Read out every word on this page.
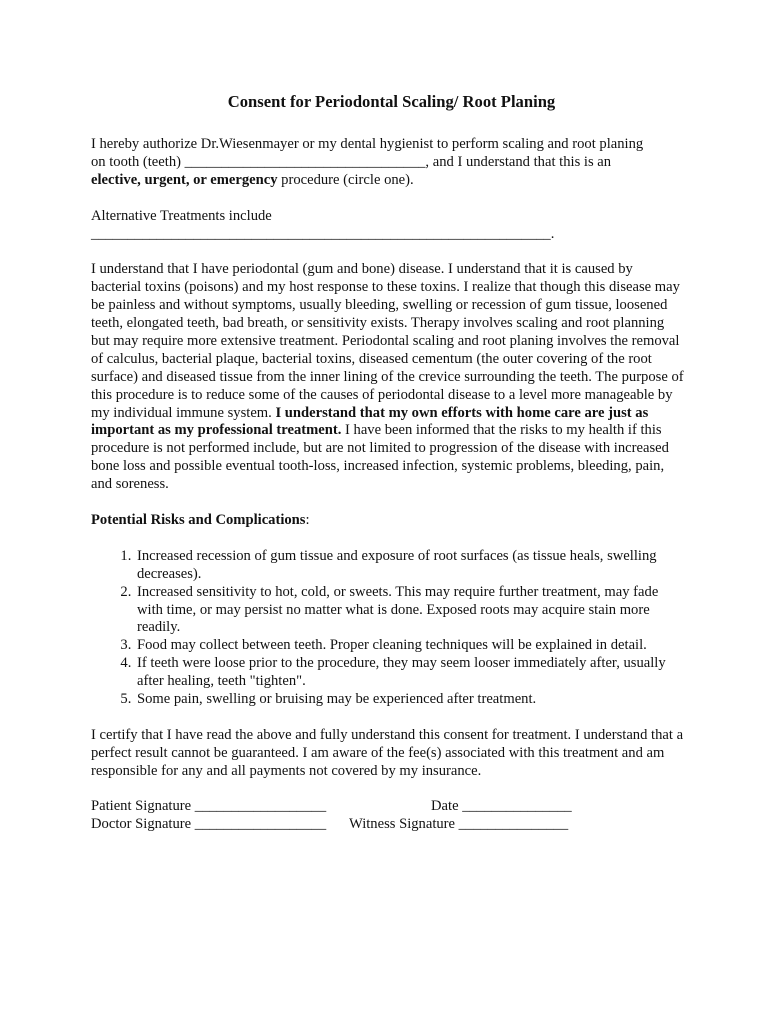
Consent for Periodontal Scaling/ Root Planing

I hereby authorize Dr.Wiesenmayer or my dental hygienist to perform scaling and root planing
on tooth (teeth) _________________________________, and I understand that this is an
elective, urgent, or emergency procedure (circle one).

Alternative Treatments include
_______________________________________________________________.

I understand that I have periodontal (gum and bone) disease. I understand that it is caused by bacterial toxins (poisons) and my host response to these toxins. I realize that though this disease may be painless and without symptoms, usually bleeding, swelling or recession of gum tissue, loosened teeth, elongated teeth, bad breath, or sensitivity exists. Therapy involves scaling and root planning but may require more extensive treatment. Periodontal scaling and root planing involves the removal of calculus, bacterial plaque, bacterial toxins, diseased cementum (the outer covering of the root surface) and diseased tissue from the inner lining of the crevice surrounding the teeth. The purpose of this procedure is to reduce some of the causes of periodontal disease to a level more manageable by my individual immune system. I understand that my own efforts with home care are just as important as my professional treatment. I have been informed that the risks to my health if this procedure is not performed include, but are not limited to progression of the disease with increased bone loss and possible eventual tooth-loss, increased infection, systemic problems, bleeding, pain, and soreness.

Potential Risks and Complications:

1. Increased recession of gum tissue and exposure of root surfaces (as tissue heals, swelling decreases).
2. Increased sensitivity to hot, cold, or sweets. This may require further treatment, may fade with time, or may persist no matter what is done. Exposed roots may acquire stain more readily.
3. Food may collect between teeth. Proper cleaning techniques will be explained in detail.
4. If teeth were loose prior to the procedure, they may seem looser immediately after, usually after healing, teeth "tighten".
5. Some pain, swelling or bruising may be experienced after treatment.

I certify that I have read the above and fully understand this consent for treatment. I understand that a perfect result cannot be guaranteed. I am aware of the fee(s) associated with this treatment and am responsible for any and all payments not covered by my insurance.

Patient Signature __________________	Date _______________
Doctor Signature __________________	Witness Signature _______________
